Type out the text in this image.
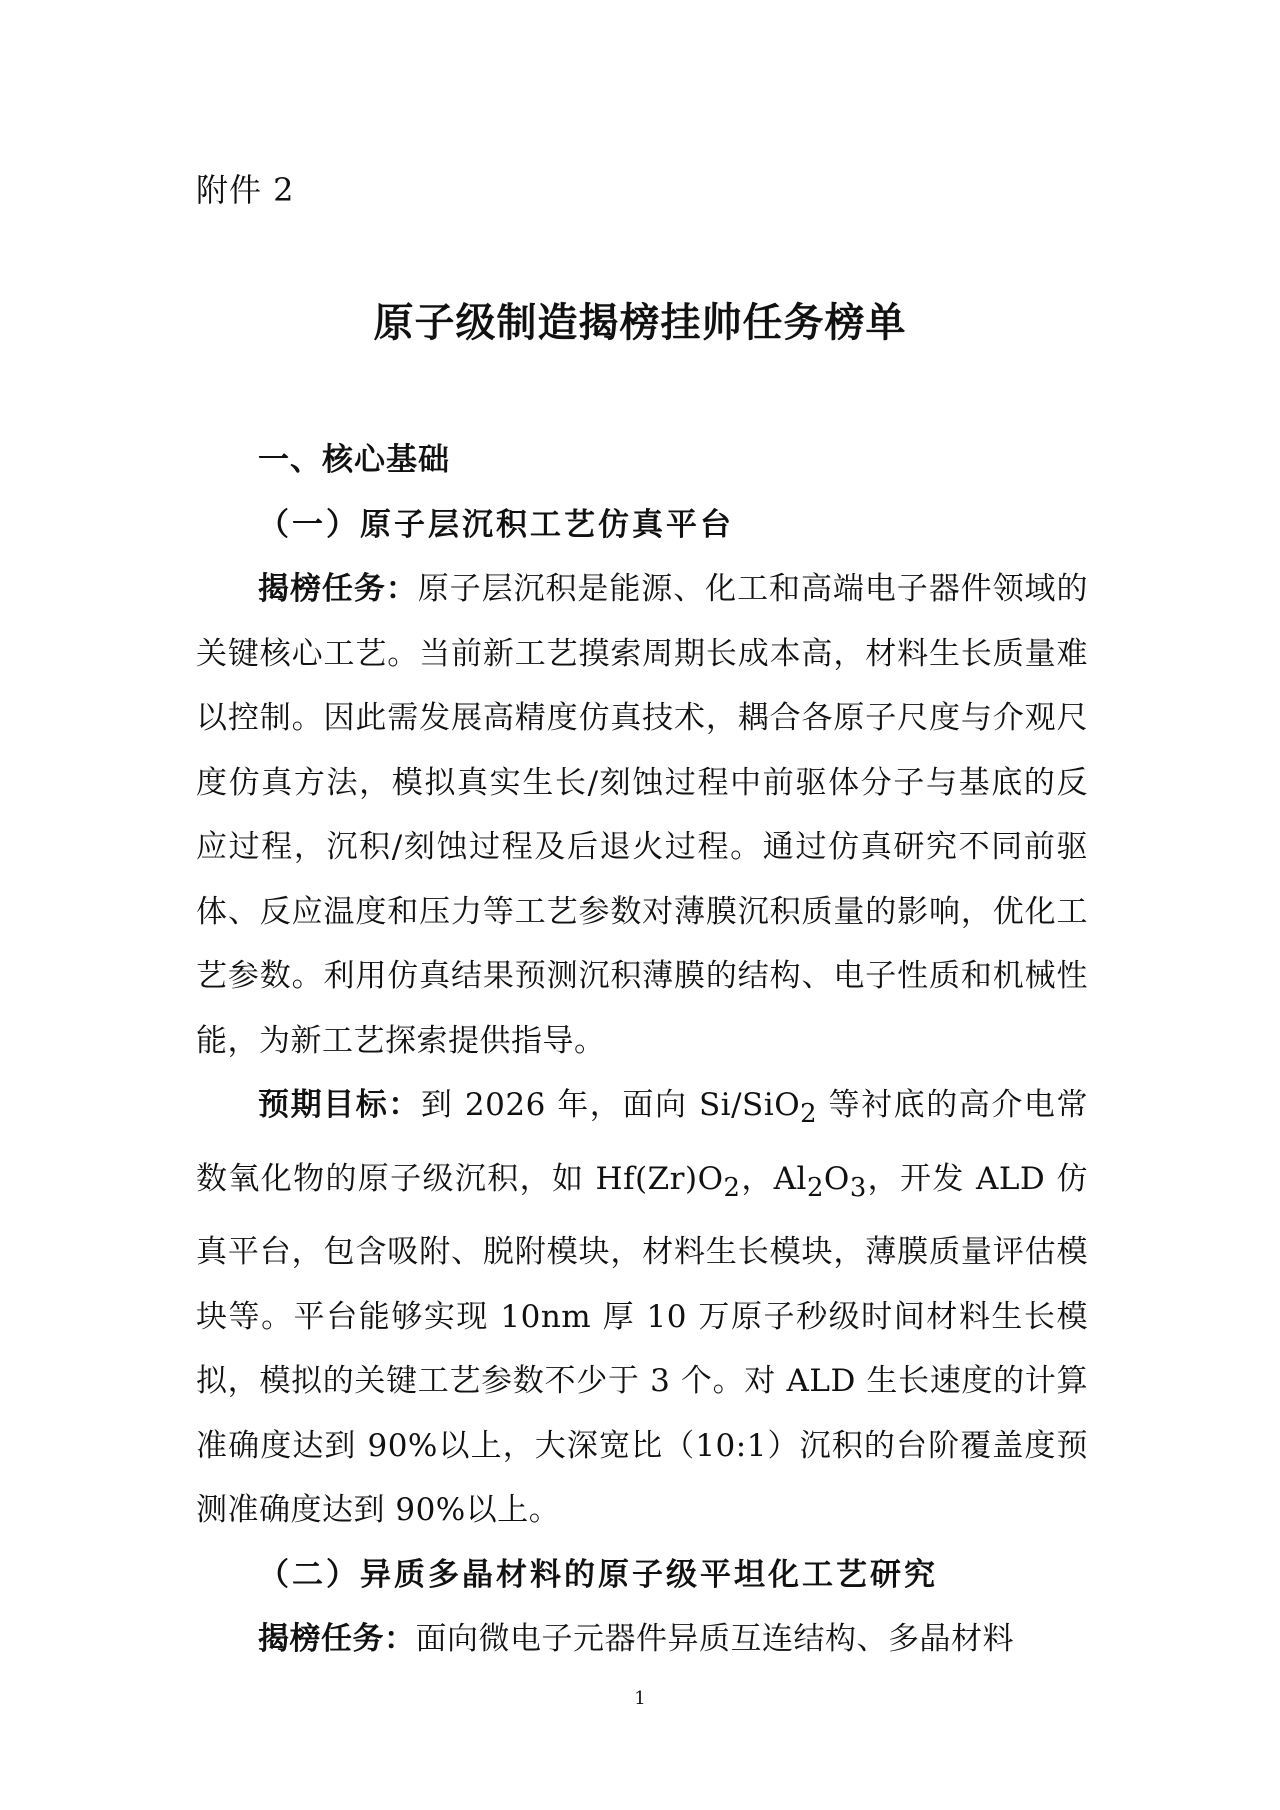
附件 2
原子级制造揭榜挂帅任务榜单

一、核心基础

（一）原子层沉积工艺仿真平台

揭榜任务：原子层沉积是能源、化工和高端电子器件领域的关键核心工艺。当前新工艺摸索周期长成本高，材料生长质量难以控制。因此需发展高精度仿真技术，耦合各原子尺度与介观尺度仿真方法，模拟真实生长/刻蚀过程中前驱体分子与基底的反应过程，沉积/刻蚀过程及后退火过程。通过仿真研究不同前驱体、反应温度和压力等工艺参数对薄膜沉积质量的影响，优化工艺参数。利用仿真结果预测沉积薄膜的结构、电子性质和机械性能，为新工艺探索提供指导。

预期目标：到 2026 年，面向 Si/SiO$_2$ 等衬底的高介电常数氧化物的原子级沉积，如 $Hf(Zr)O_2$，$Al_2O_3$，开发 ALD 仿真平台，包含吸附、脱附模块，材料生长模块，薄膜质量评估模块等。平台能够实现 10nm 厚 10 万原子秒级时间材料生长模拟，模拟的关键工艺参数不少于 3 个。对 ALD 生长速度的计算准确度达到 90%以上，大深宽比（10:1）沉积的台阶覆盖度预测准确度达到 90%以上。

（二）异质多晶材料的原子级平坦化工艺研究

揭榜任务：面向微电子元器件异质互连结构、多晶材料

1
